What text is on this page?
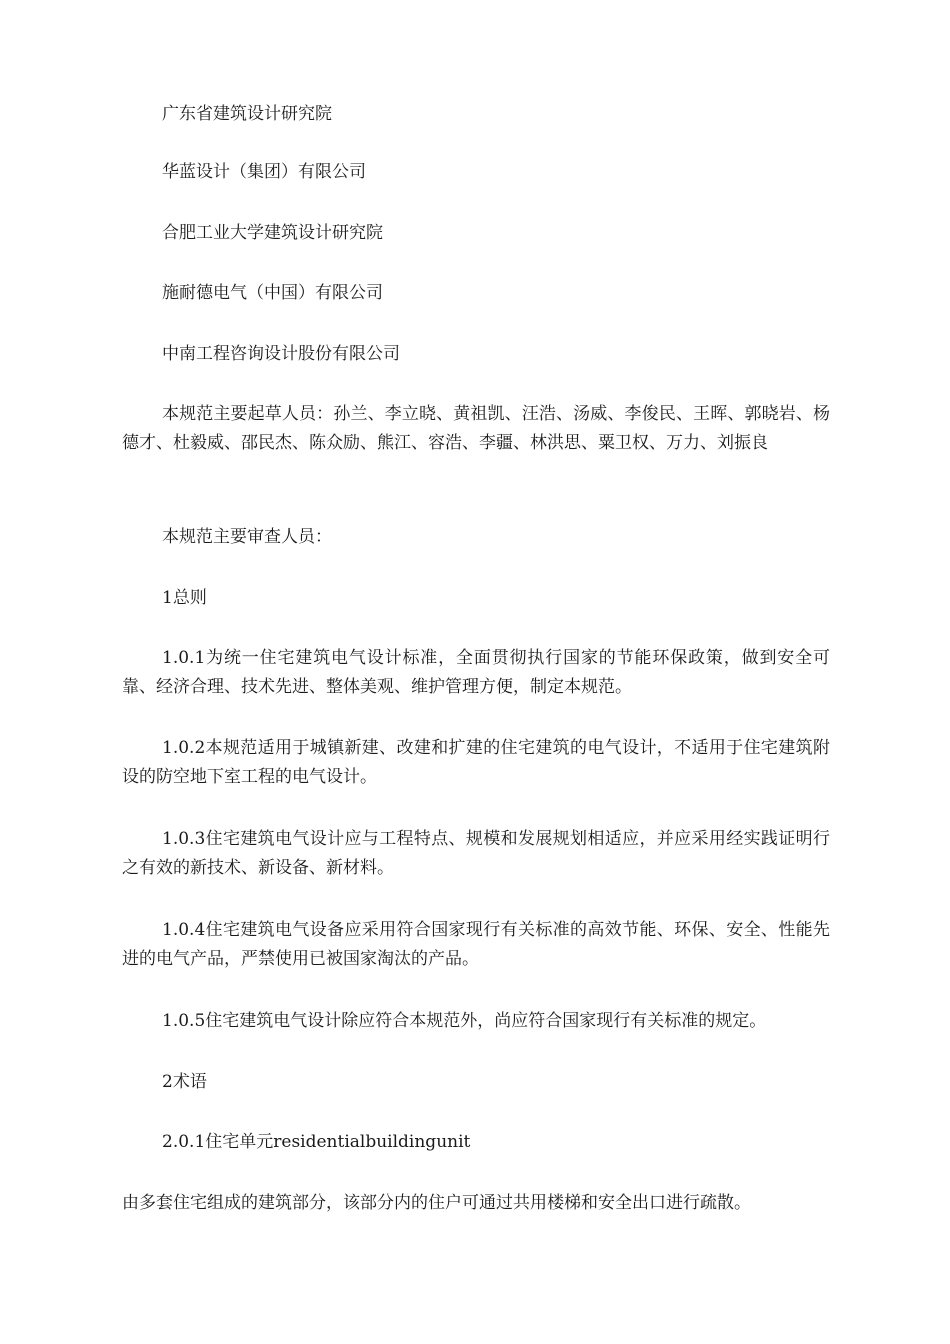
广东省建筑设计研究院

华蓝设计（集团）有限公司

合肥工业大学建筑设计研究院

施耐德电气（中国）有限公司

中南工程咨询设计股份有限公司

本规范主要起草人员：孙兰、李立晓、黄祖凯、汪浩、汤威、李俊民、王晖、郭晓岩、杨德才、杜毅威、邵民杰、陈众励、熊江、容浩、李疆、林洪思、粟卫权、万力、刘振良

本规范主要审查人员：

1总则

1.0.1为统一住宅建筑电气设计标准，全面贯彻执行国家的节能环保政策，做到安全可靠、经济合理、技术先进、整体美观、维护管理方便，制定本规范。

1.0.2本规范适用于城镇新建、改建和扩建的住宅建筑的电气设计，不适用于住宅建筑附设的防空地下室工程的电气设计。

1.0.3住宅建筑电气设计应与工程特点、规模和发展规划相适应，并应采用经实践证明行之有效的新技术、新设备、新材料。

1.0.4住宅建筑电气设备应采用符合国家现行有关标准的高效节能、环保、安全、性能先进的电气产品，严禁使用已被国家淘汰的产品。

1.0.5住宅建筑电气设计除应符合本规范外，尚应符合国家现行有关标准的规定。

2术语

2.0.1住宅单元residentialbuildingunit

由多套住宅组成的建筑部分，该部分内的住户可通过共用楼梯和安全出口进行疏散。
